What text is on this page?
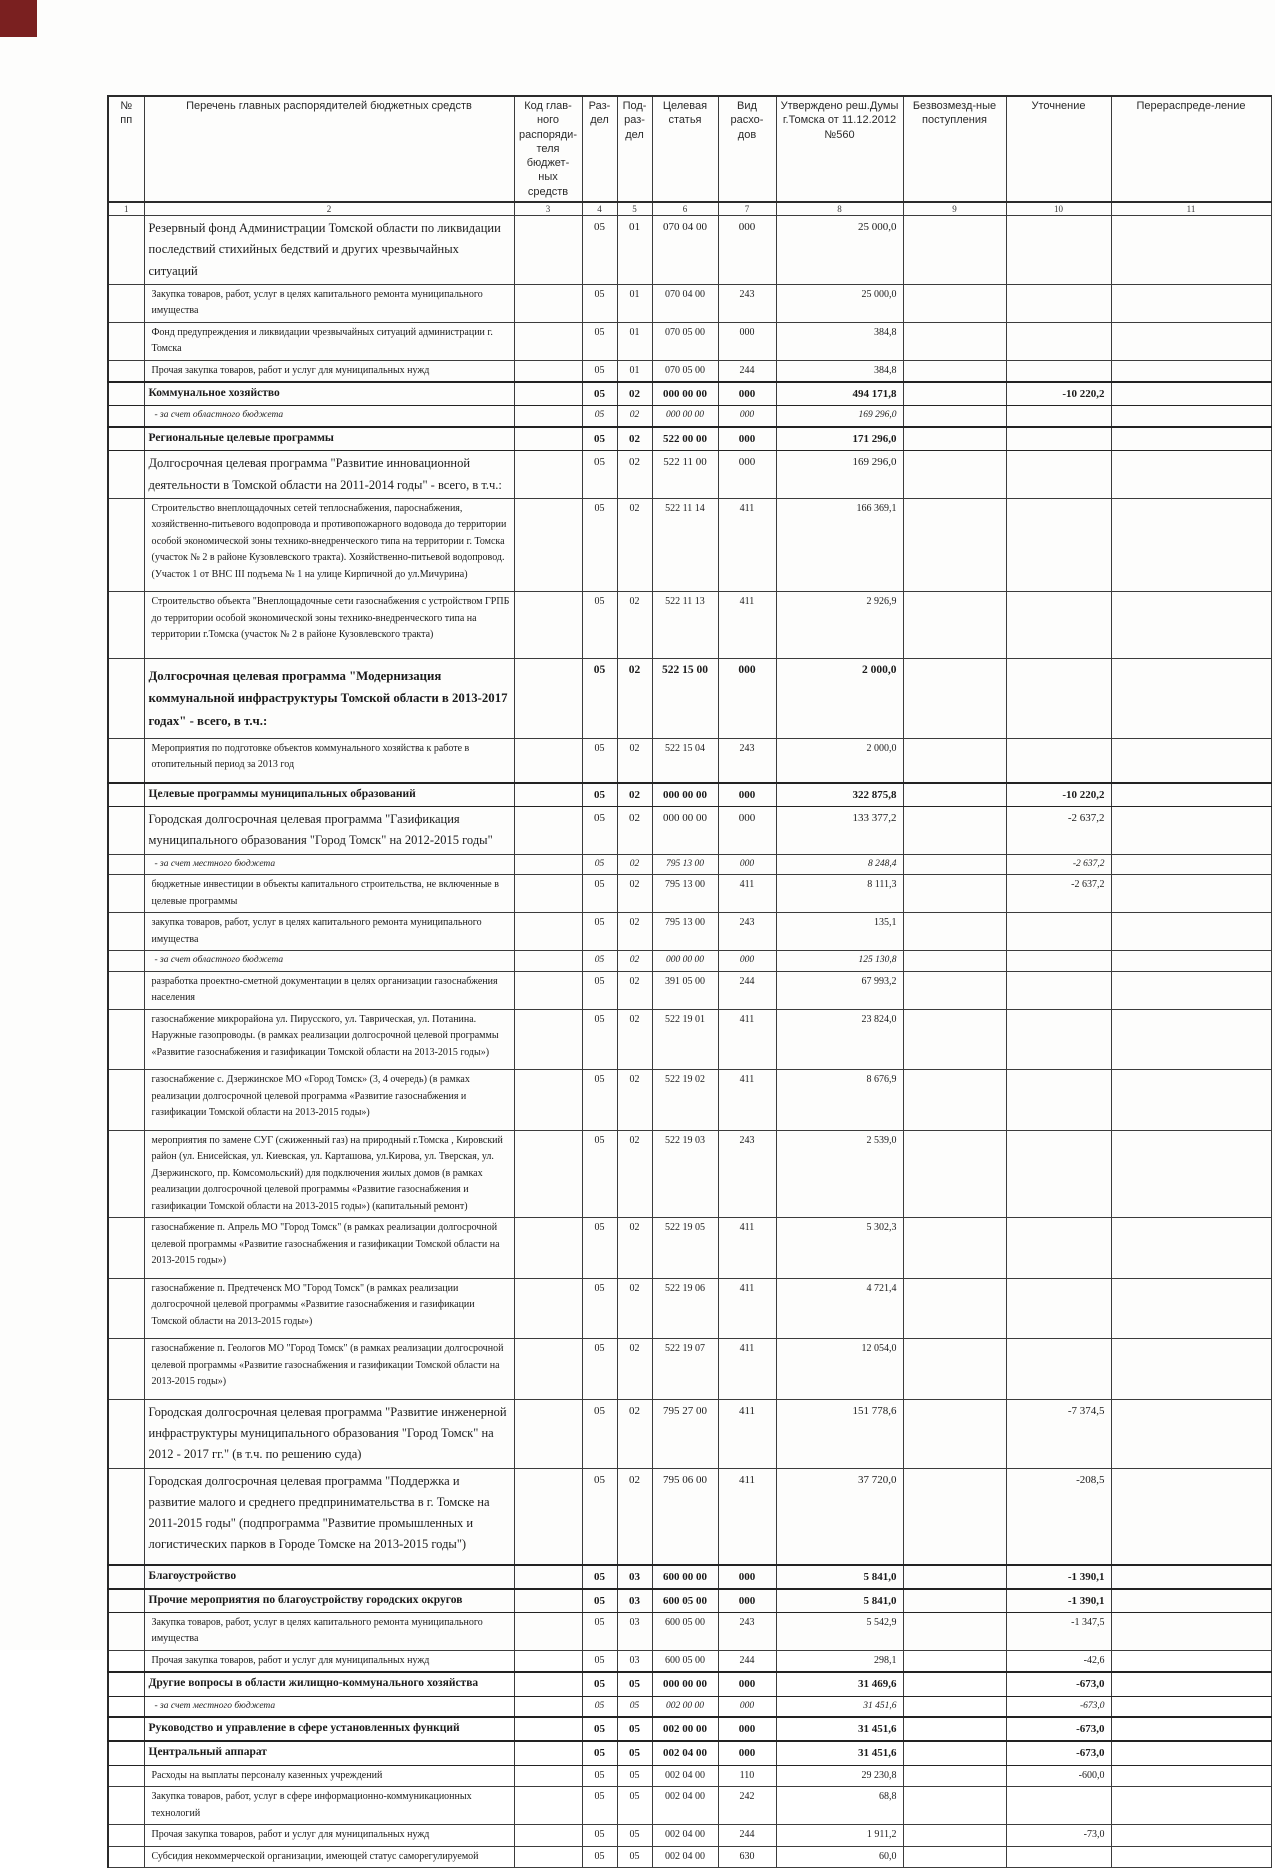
№ пп	Перечень главных распорядителей бюджетных средств	Код глав-ного распоряди-теля бюджет-ных средств	Раз-дел	Под-раз-дел	Целевая статья	Вид расхо-дов	Утверждено реш.Думы г.Томска от 11.12.2012 №560	Безвозмезд-ные поступления	Уточнение	Перераспреде-ление
1	2	3	4	5	6	7	8	9	10	11
	Резервный фонд Администрации Томской области по ликвидации последствий стихийных бедствий и других чрезвычайных ситуаций		05	01	070 04 00	000	25 000,0			
	Закупка товаров, работ, услуг в целях капитального ремонта муниципального имущества		05	01	070 04 00	243	25 000,0			
	Фонд предупреждения и ликвидации чрезвычайных ситуаций администрации г. Томска		05	01	070 05 00	000	384,8			
	Прочая закупка товаров, работ и услуг для муниципальных нужд		05	01	070 05 00	244	384,8			
	Коммунальное хозяйство		05	02	000 00 00	000	494 171,8		-10 220,2	
	- за счет областного бюджета		05	02	000 00 00	000	169 296,0			
	Региональные целевые программы		05	02	522 00 00	000	171 296,0			
	Долгосрочная целевая программа "Развитие инновационной деятельности в Томской области на 2011-2014 годы" - всего, в т.ч.:		05	02	522 11 00	000	169 296,0			
	Строительство внеплощадочных сетей теплоснабжения, пароснабжения, хозяйственно-питьевого водопровода и противопожарного водовода до территории особой экономической зоны технико-внедренческого типа на территории г. Томска (участок № 2 в районе Кузовлевского тракта). Хозяйственно-питьевой водопровод. (Участок 1 от ВНС III подъема № 1 на улице Кирпичной до ул.Мичурина)		05	02	522 11 14	411	166 369,1			
	Строительство объекта "Внеплощадочные сети газоснабжения с устройством ГРПБ до территории особой экономической зоны технико-внедренческого типа на территории г.Томска (участок № 2 в районе Кузовлевского тракта)		05	02	522 11 13	411	2 926,9			
	Долгосрочная целевая программа "Модернизация коммунальной инфраструктуры Томской области в 2013-2017 годах" - всего, в т.ч.:		05	02	522 15 00	000	2 000,0			
	Мероприятия по подготовке объектов коммунального хозяйства к работе в отопительный период за 2013 год		05	02	522 15 04	243	2 000,0			
	Целевые программы муниципальных образований		05	02	000 00 00	000	322 875,8		-10 220,2	
	Городская долгосрочная целевая программа "Газификация муниципального образования "Город Томск" на 2012-2015 годы"		05	02	000 00 00	000	133 377,2		-2 637,2	
	- за счет местного бюджета		05	02	795 13 00	000	8 248,4		-2 637,2	
	бюджетные инвестиции в объекты капитального строительства, не включенные в целевые программы		05	02	795 13 00	411	8 111,3		-2 637,2	
	закупка товаров, работ, услуг в целях капитального ремонта муниципального имущества		05	02	795 13 00	243	135,1			
	- за счет областного бюджета		05	02	000 00 00	000	125 130,8			
	разработка проектно-сметной документации в целях организации газоснабжения населения		05	02	391 05 00	244	67 993,2			
	газоснабжение микрорайона ул. Пирусского, ул. Таврическая, ул. Потанина. Наружные газопроводы. (в рамках реализации долгосрочной целевой программы «Развитие газоснабжения и газификации Томской области на 2013-2015 годы»)		05	02	522 19 01	411	23 824,0			
	газоснабжение с. Дзержинское МО «Город Томск» (3, 4 очередь) (в рамках реализации долгосрочной целевой программа «Развитие газоснабжения и газификации Томской области на 2013-2015 годы»)		05	02	522 19 02	411	8 676,9			
	мероприятия по замене СУГ (сжиженный газ) на природный г.Томска , Кировский район (ул. Енисейская, ул. Киевская, ул. Карташова, ул.Кирова, ул. Тверская, ул. Дзержинского, пр. Комсомольский) для подключения жилых домов (в рамках реализации долгосрочной целевой программы «Развитие газоснабжения и газификации Томской области на 2013-2015 годы») (капитальный ремонт)		05	02	522 19 03	243	2 539,0			
	газоснабжение п. Апрель МО "Город Томск" (в рамках реализации долгосрочной целевой программы «Развитие газоснабжения и газификации Томской области на 2013-2015 годы»)		05	02	522 19 05	411	5 302,3			
	газоснабжение п. Предтеченск МО "Город Томск" (в рамках реализации долгосрочной целевой программы «Развитие газоснабжения и газификации Томской области на 2013-2015 годы»)		05	02	522 19 06	411	4 721,4			
	газоснабжение п. Геологов МО "Город Томск" (в рамках реализации долгосрочной целевой программы «Развитие газоснабжения и газификации Томской области на 2013-2015 годы»)		05	02	522 19 07	411	12 054,0			
	Городская долгосрочная целевая программа "Развитие инженерной инфраструктуры муниципального образования "Город Томск" на 2012 - 2017 гг." (в т.ч. по решению суда)		05	02	795 27 00	411	151 778,6		-7 374,5	
	Городская долгосрочная целевая программа "Поддержка и развитие малого и среднего предпринимательства в г. Томске на 2011-2015 годы" (подпрограмма "Развитие промышленных и логистических парков в Городе Томске на 2013-2015 годы")		05	02	795 06 00	411	37 720,0		-208,5	
	Благоустройство		05	03	600 00 00	000	5 841,0		-1 390,1	
	Прочие мероприятия по благоустройству городских округов		05	03	600 05 00	000	5 841,0		-1 390,1	
	Закупка товаров, работ, услуг в целях капитального ремонта муниципального имущества		05	03	600 05 00	243	5 542,9		-1 347,5	
	Прочая закупка товаров, работ и услуг для муниципальных нужд		05	03	600 05 00	244	298,1		-42,6	
	Другие вопросы в области жилищно-коммунального хозяйства		05	05	000 00 00	000	31 469,6		-673,0	
	- за счет местного бюджета		05	05	002 00 00	000	31 451,6		-673,0	
	Руководство и управление в сфере установленных функций		05	05	002 00 00	000	31 451,6		-673,0	
	Центральный аппарат		05	05	002 04 00	000	31 451,6		-673,0	
	Расходы на выплаты персоналу казенных учреждений		05	05	002 04 00	110	29 230,8		-600,0	
	Закупка товаров, работ, услуг в сфере информационно-коммуникационных технологий		05	05	002 04 00	242	68,8			
	Прочая закупка товаров, работ и услуг для муниципальных нужд		05	05	002 04 00	244	1 911,2		-73,0	
	Субсидия некоммерческой организации, имеющей статус саморегулируемой		05	05	002 04 00	630	60,0			
